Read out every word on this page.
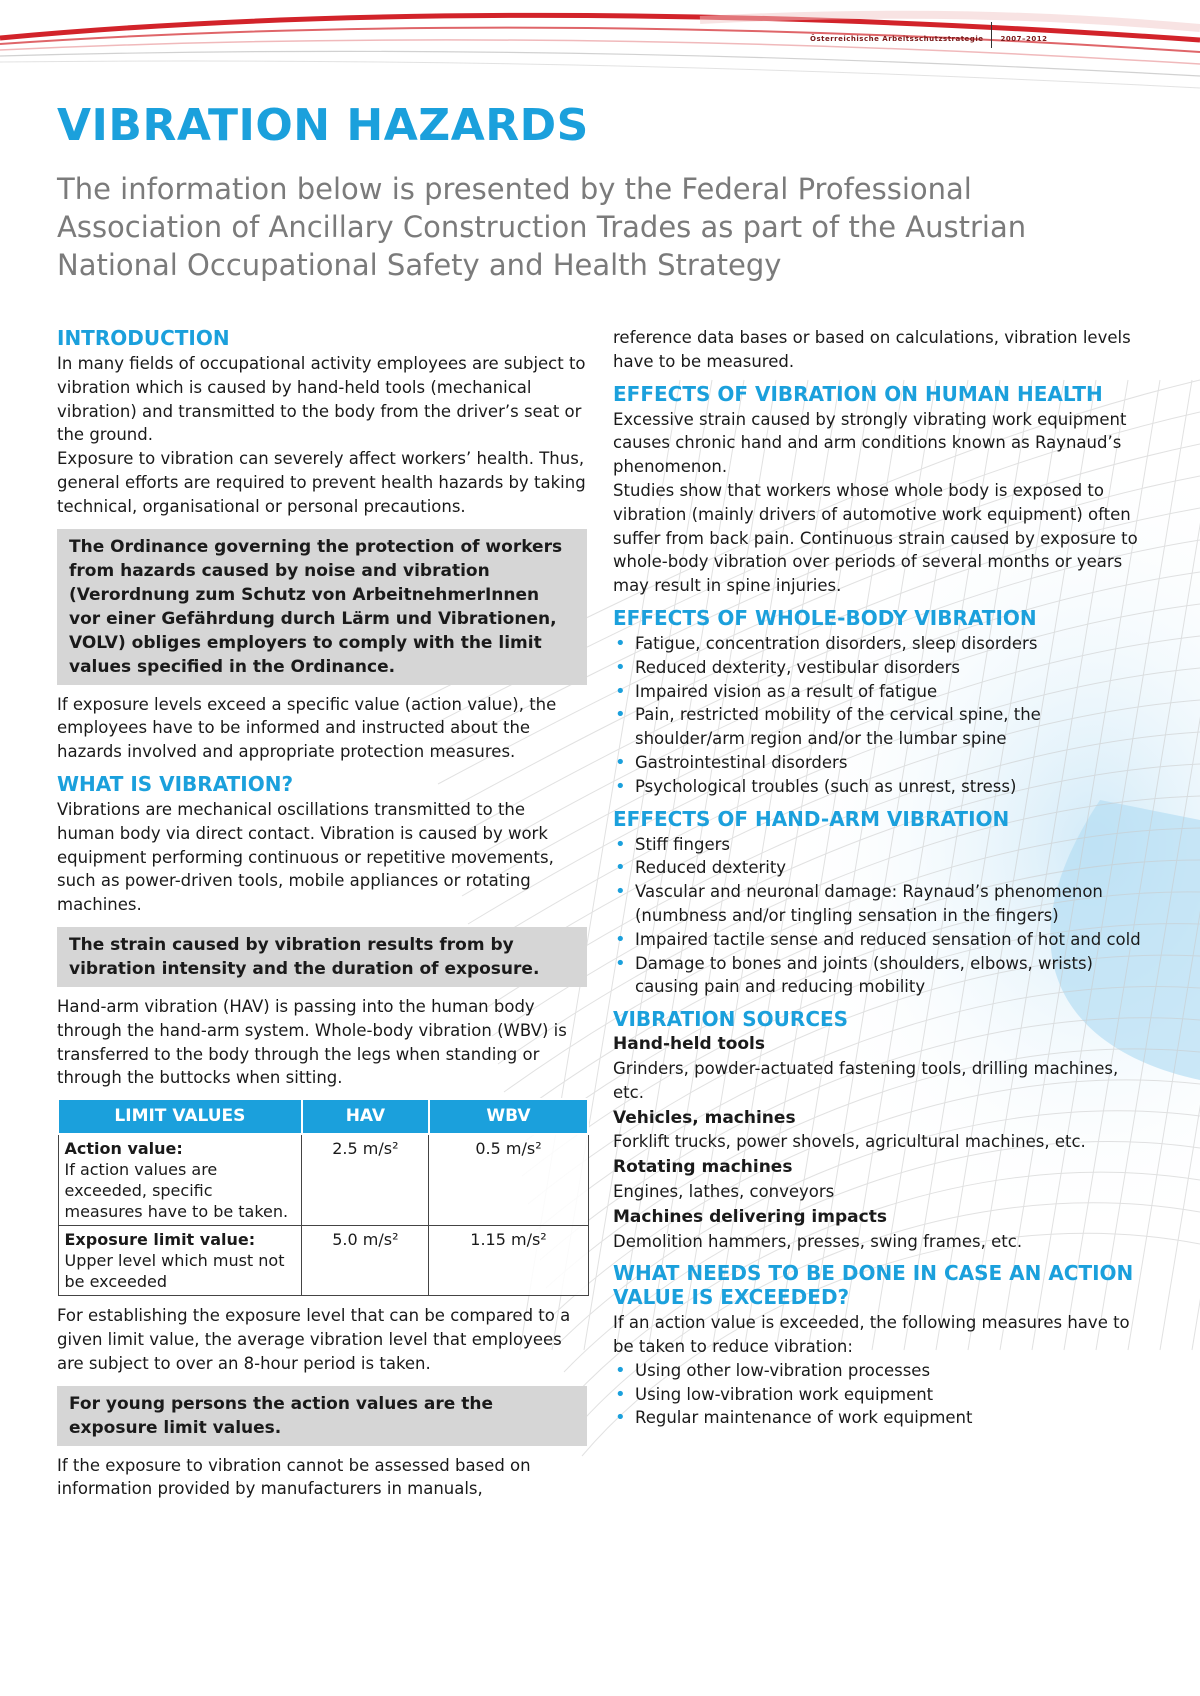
Österreichische Arbeitsschutzstrategie 2007–2012
VIBRATION HAZARDS

The information below is presented by the Federal Professional Association of Ancillary Construction Trades as part of the Austrian National Occupational Safety and Health Strategy

INTRODUCTION

In many fields of occupational activity employees are subject to vibration which is caused by hand-held tools (mechanical vibration) and transmitted to the body from the driver’s seat or the ground.

Exposure to vibration can severely affect workers’ health. Thus, general efforts are required to prevent health hazards by taking technical, organisational or personal precautions.

The Ordinance governing the protection of workers from hazards caused by noise and vibration (Verordnung zum Schutz von ArbeitnehmerInnen vor einer Gefährdung durch Lärm und Vibrationen, VOLV) obliges employers to comply with the limit values specified in the Ordinance.

If exposure levels exceed a specific value (action value), the employees have to be informed and instructed about the hazards involved and appropriate protection measures.

WHAT IS VIBRATION?

Vibrations are mechanical oscillations transmitted to the human body via direct contact. Vibration is caused by work equipment performing continuous or repetitive movements, such as power-driven tools, mobile appliances or rotating machines.

The strain caused by vibration results from by vibration intensity and the duration of exposure.

Hand-arm vibration (HAV) is passing into the human body through the hand-arm system. Whole-body vibration (WBV) is transferred to the body through the legs when standing or through the buttocks when sitting.

LIMIT VALUES	HAV	WBV

Action value:
If action values are exceeded, specific measures have to be taken.	2.5 m/s²	0.5 m/s²

Exposure limit value:
Upper level which must not be exceeded	5.0 m/s²	1.15 m/s²

For establishing the exposure level that can be compared to a given limit value, the average vibration level that employees are subject to over an 8-hour period is taken.

For young persons the action values are the exposure limit values.

If the exposure to vibration cannot be assessed based on information provided by manufacturers in manuals,

reference data bases or based on calculations, vibration levels have to be measured.

EFFECTS OF VIBRATION ON HUMAN HEALTH

Excessive strain caused by strongly vibrating work equipment causes chronic hand and arm conditions known as Raynaud’s phenomenon.

Studies show that workers whose whole body is exposed to vibration (mainly drivers of automotive work equipment) often suffer from back pain. Continuous strain caused by exposure to whole-body vibration over periods of several months or years may result in spine injuries.

EFFECTS OF WHOLE-BODY VIBRATION
• Fatigue, concentration disorders, sleep disorders
• Reduced dexterity, vestibular disorders
• Impaired vision as a result of fatigue
• Pain, restricted mobility of the cervical spine, the shoulder/arm region and/or the lumbar spine
• Gastrointestinal disorders
• Psychological troubles (such as unrest, stress)
EFFECTS OF HAND-ARM VIBRATION
• Stiff fingers
• Reduced dexterity
• Vascular and neuronal damage: Raynaud’s phenomenon (numbness and/or tingling sensation in the fingers)
• Impaired tactile sense and reduced sensation of hot and cold
• Damage to bones and joints (shoulders, elbows, wrists) causing pain and reducing mobility
VIBRATION SOURCES
Hand-held tools

Grinders, powder-actuated fastening tools, drilling machines, etc.

Vehicles, machines

Forklift trucks, power shovels, agricultural machines, etc.

Rotating machines

Engines, lathes, conveyors

Machines delivering impacts

Demolition hammers, presses, swing frames, etc.

WHAT NEEDS TO BE DONE IN CASE AN ACTION VALUE IS EXCEEDED?

If an action value is exceeded, the following measures have to be taken to reduce vibration:

• Using other low-vibration processes
• Using low-vibration work equipment
• Regular maintenance of work equipment
